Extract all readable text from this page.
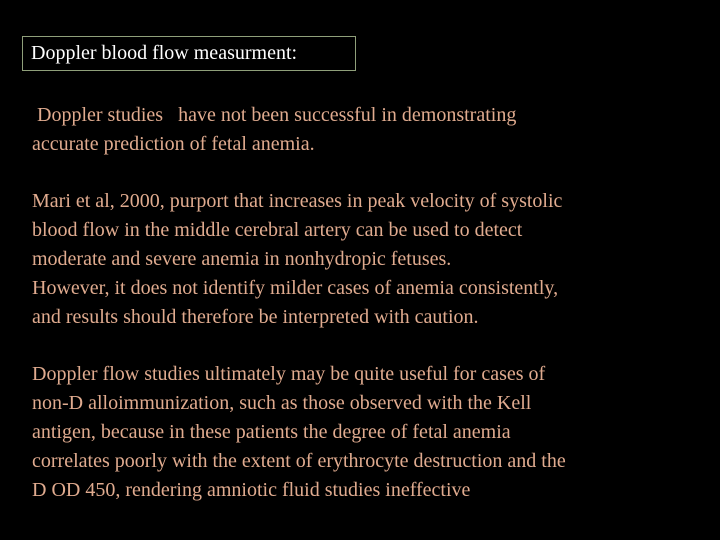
Doppler blood flow measurment:
Doppler studies   have not been successful in demonstrating
accurate prediction of fetal anemia.
Mari et al, 2000, purport that increases in peak velocity of systolic
blood flow in the middle cerebral artery can be used to detect
moderate and severe anemia in nonhydropic fetuses.
However, it does not identify milder cases of anemia consistently,
and results should therefore be interpreted with caution.
Doppler flow studies ultimately may be quite useful for cases of
non-D alloimmunization, such as those observed with the Kell
antigen, because in these patients the degree of fetal anemia
correlates poorly with the extent of erythrocyte destruction and the
D OD 450, rendering amniotic fluid studies ineffective
